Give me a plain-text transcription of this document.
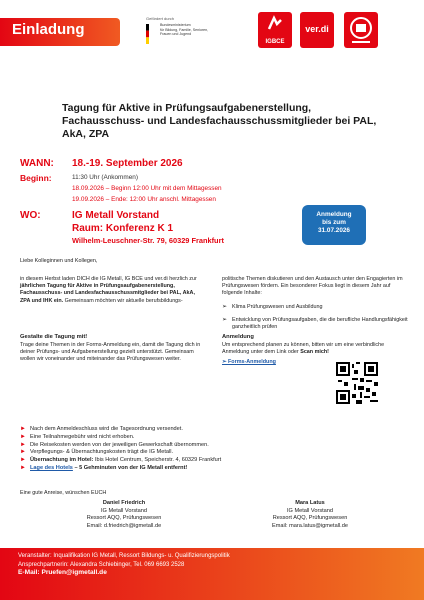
Einladung
Gefördert durch
Bundesministerium
für Bildung, Familie, Senioren,
Frauen und Jugend
IGBCE
ver.di
Tagung für Aktive in Prüfungsaufgabenerstellung, Fachausschuss- und Landesfachausschussmitglieder bei PAL, AkA, ZPA
WANN: 18.-19. September 2026
Beginn:	11:30 Uhr (Ankommen)
18.09.2026 – Beginn 12:00 Uhr mit dem Mittagessen
19.09.2026 – Ende: 12:00 Uhr anschl. Mittagessen
WO:	IG Metall Vorstand
Raum: Konferenz K 1
Wilhelm-Leuschner-Str. 79, 60329 Frankfurt
Anmeldung
bis zum
31.07.2026
Liebe Kolleginnen und Kollegen,
in diesem Herbst laden DICH die IG Metall, IG BCE und ver.di herzlich zur jährlichen Tagung für Aktive in Prüfungsaufgabenerstellung, Fachausschuss- und Landesfachausschussmitglieder bei PAL, AkA, ZPA und IHK ein. Gemeinsam möchten wir aktuelle berufsbildungs-
politische Themen diskutieren und den Austausch unter den Engagierten im Prüfungswesen fördern. Ein besonderer Fokus liegt in diesem Jahr auf folgende Inhalte:
➢ Klima Prüfungswesen und Ausbildung
➢ Entwicklung von Prüfungsaufgaben, die die berufliche Handlungsfähigkeit ganzheitlich prüfen
Gestalte die Tagung mit!
Trage deine Themen in der Forms-Anmeldung ein, damit die Tagung dich in deiner Prüfungs- und Aufgabenerstellung gezielt unterstützt. Gemeinsam wollen wir voneinander und miteinander das Prüfungswesen weiter.
Anmeldung
Um entsprechend planen zu können, bitten wir um eine verbindliche Anmeldung unter dem Link oder Scan mich!
➢ Forms-Anmeldung
► Nach dem Anmeldeschluss wird die Tagesordnung versendet.
► Eine Teilnahmegebühr wird nicht erhoben.
► Die Reisekosten werden von der jeweiligen Gewerkschaft übernommen.
► Verpflegungs- & Übernachtungskosten trägt die IG Metall.
► Übernachtung im Hotel: Ibis Hotel Centrum, Speicherstr. 4, 60329 Frankfurt
► Lage des Hotels – 5 Gehminuten von der IG Metall entfernt!
Eine gute Anreise, wünschen EUCH
Daniel Friedrich
IG Metall Vorstand
Ressort AQQ, Prüfungswesen
Email: d.friedrich@igmetall.de
Mara Latus
IG Metall Vorstand
Ressort AQQ, Prüfungswesen
Email: mara.latus@igmetall.de
Veranstalter: Inqualifikation IG Metall, Ressort Bildungs- u. Qualifizierungspolitik
Ansprechpartnerin: Alexandra Schiebinger, Tel. 069 6693 2528
E-Mail: Pruefen@igmetall.de
